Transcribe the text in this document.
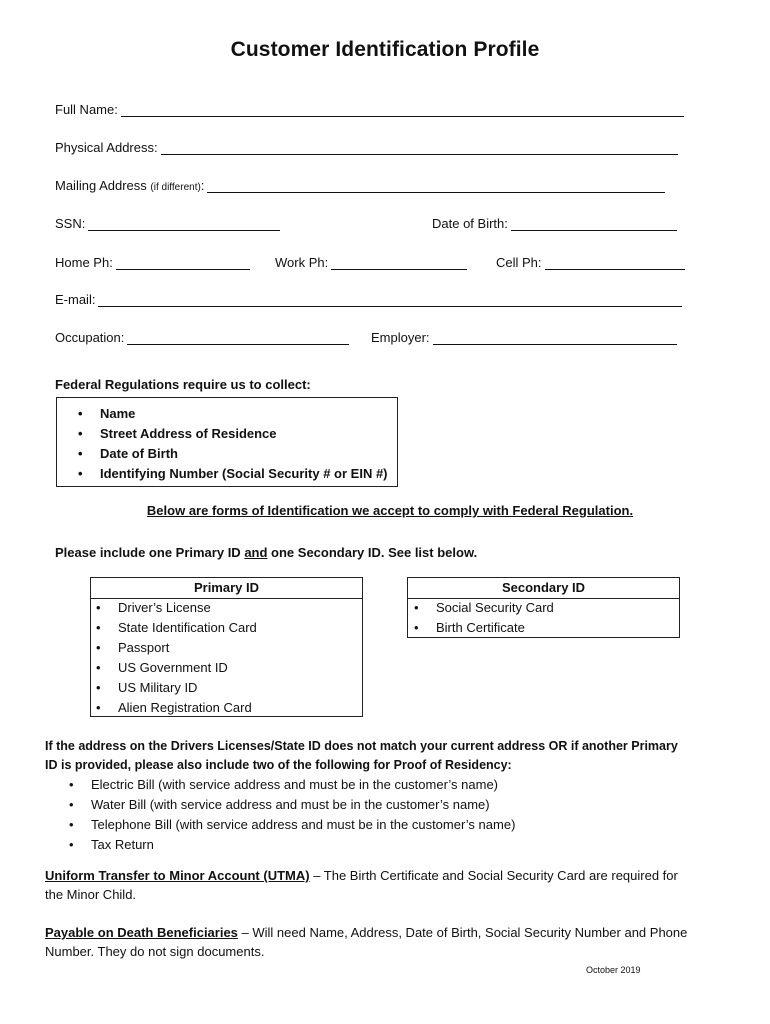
Customer Identification Profile
Full Name:
Physical Address:
Mailing Address (if different):
SSN:	Date of Birth:
Home Ph:	Work Ph:	Cell Ph:
E-mail:
Occupation:	Employer:
Federal Regulations require us to collect:
• Name
• Street Address of Residence
• Date of Birth
• Identifying Number (Social Security # or EIN #)
Below are forms of Identification we accept to comply with Federal Regulation.
Please include one Primary ID and one Secondary ID. See list below.
Primary ID
• Driver’s License
• State Identification Card
• Passport
• US Government ID
• US Military ID
• Alien Registration Card
Secondary ID
• Social Security Card
• Birth Certificate
If the address on the Drivers Licenses/State ID does not match your current address OR if another Primary
ID is provided, please also include two of the following for Proof of Residency:
• Electric Bill (with service address and must be in the customer’s name)
• Water Bill (with service address and must be in the customer’s name)
• Telephone Bill (with service address and must be in the customer’s name)
• Tax Return
Uniform Transfer to Minor Account (UTMA) – The Birth Certificate and Social Security Card are required for
the Minor Child.
Payable on Death Beneficiaries – Will need Name, Address, Date of Birth, Social Security Number and Phone
Number. They do not sign documents.
October 2019
